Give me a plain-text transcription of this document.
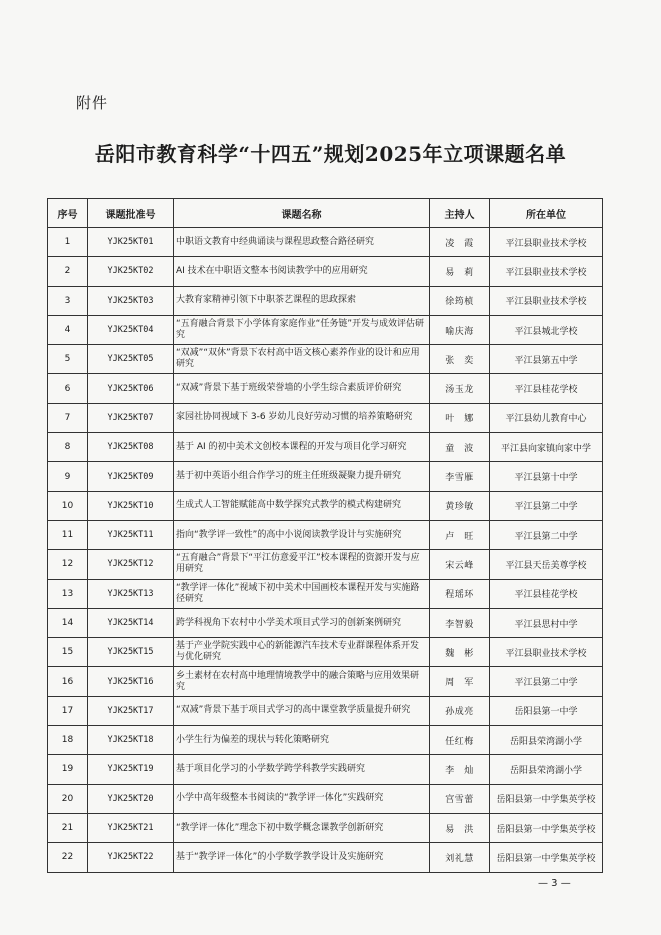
附件
岳阳市教育科学“十四五”规划2025年立项课题名单
序号	课题批准号	课题名称	主持人	所在单位
1	YJK25KT01	中职语文教育中经典诵读与课程思政整合路径研究	凌　霞	平江县职业技术学校
2	YJK25KT02	AI 技术在中职语文整本书阅读教学中的应用研究	易　莉	平江县职业技术学校
3	YJK25KT03	大教育家精神引领下中职茶艺课程的思政探索	徐筠桢	平江县职业技术学校
4	YJK25KT04	“五育融合背景下小学体育家庭作业“任务链”开发与成效评估研究	喻庆海	平江县城北学校
5	YJK25KT05	“双减”“双休”背景下农村高中语文核心素养作业的设计和应用研究	张　奕	平江县第五中学
6	YJK25KT06	“双减”背景下基于班级荣誉墙的小学生综合素质评价研究	汤玉龙	平江县桂花学校
7	YJK25KT07	家园社协同视域下 3-6 岁幼儿良好劳动习惯的培养策略研究	叶　娜	平江县幼儿教育中心
8	YJK25KT08	基于 AI 的初中美术文创校本课程的开发与项目化学习研究	童　波	平江县向家镇向家中学
9	YJK25KT09	基于初中英语小组合作学习的班主任班级凝聚力提升研究	李雪雁	平江县第十中学
10	YJK25KT10	生成式人工智能赋能高中数学探究式教学的模式构建研究	黄珍敏	平江县第二中学
11	YJK25KT11	指向“教学评一致性”的高中小说阅读教学设计与实施研究	卢　旺	平江县第二中学
12	YJK25KT12	“五育融合”背景下“平江仿意爱平江”校本课程的资源开发与应用研究	宋云峰	平江县天岳美尊学校
13	YJK25KT13	“教学评一体化”视域下初中美术中国画校本课程开发与实施路径研究	程瑶环	平江县桂花学校
14	YJK25KT14	跨学科视角下农村中小学美术项目式学习的创新案例研究	李智毅	平江县思村中学
15	YJK25KT15	基于产业学院实践中心的新能源汽车技术专业群课程体系开发与优化研究	魏　彬	平江县职业技术学校
16	YJK25KT16	乡土素材在农村高中地理情境教学中的融合策略与应用效果研究	周　军	平江县第二中学
17	YJK25KT17	“双减”背景下基于项目式学习的高中课堂教学质量提升研究	孙成亮	岳阳县第一中学
18	YJK25KT18	小学生行为偏差的现状与转化策略研究	任红梅	岳阳县荣湾湖小学
19	YJK25KT19	基于项目化学习的小学数学跨学科教学实践研究	李　灿	岳阳县荣湾湖小学
20	YJK25KT20	小学中高年级整本书阅读的“教学评一体化”实践研究	宫雪蕾	岳阳县第一中学集英学校
21	YJK25KT21	“教学评一体化”理念下初中数学概念课教学创新研究	易　洪	岳阳县第一中学集英学校
22	YJK25KT22	基于“教学评一体化”的小学数学教学设计及实施研究	刘礼慧	岳阳县第一中学集英学校
— 3 —
